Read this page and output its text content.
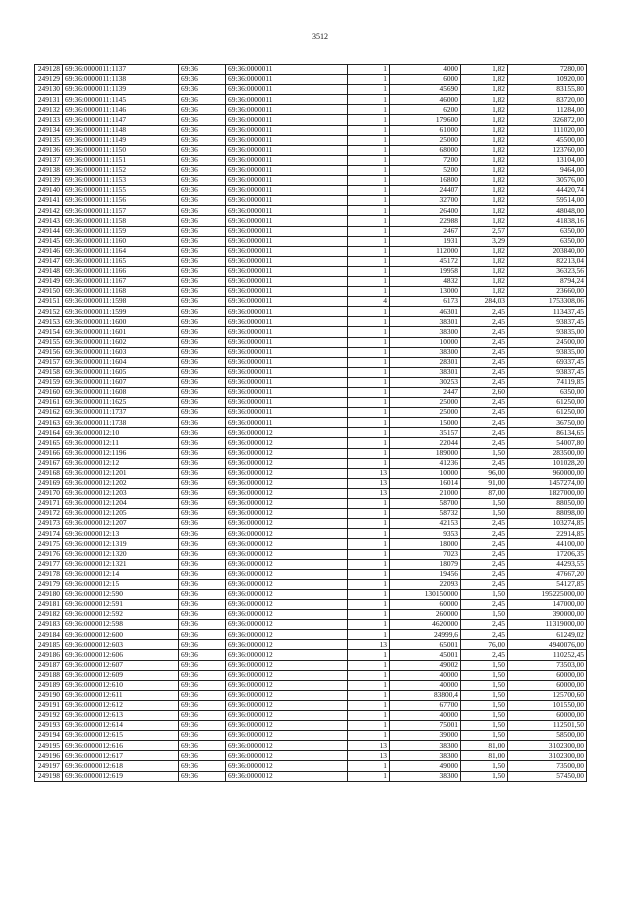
3512
249128	69:36:0000011:1137	69:36	69:36:0000011	1	4000	1,82	7280,00
249129	69:36:0000011:1138	69:36	69:36:0000011	1	6000	1,82	10920,00
249130	69:36:0000011:1139	69:36	69:36:0000011	1	45690	1,82	83155,80
249131	69:36:0000011:1145	69:36	69:36:0000011	1	46000	1,82	83720,00
249132	69:36:0000011:1146	69:36	69:36:0000011	1	6200	1,82	11284,00
249133	69:36:0000011:1147	69:36	69:36:0000011	1	179600	1,82	326872,00
249134	69:36:0000011:1148	69:36	69:36:0000011	1	61000	1,82	111020,00
249135	69:36:0000011:1149	69:36	69:36:0000011	1	25000	1,82	45500,00
249136	69:36:0000011:1150	69:36	69:36:0000011	1	68000	1,82	123760,00
249137	69:36:0000011:1151	69:36	69:36:0000011	1	7200	1,82	13104,00
249138	69:36:0000011:1152	69:36	69:36:0000011	1	5200	1,82	9464,00
249139	69:36:0000011:1153	69:36	69:36:0000011	1	16800	1,82	30576,00
249140	69:36:0000011:1155	69:36	69:36:0000011	1	24407	1,82	44420,74
249141	69:36:0000011:1156	69:36	69:36:0000011	1	32700	1,82	59514,00
249142	69:36:0000011:1157	69:36	69:36:0000011	1	26400	1,82	48048,00
249143	69:36:0000011:1158	69:36	69:36:0000011	1	22988	1,82	41838,16
249144	69:36:0000011:1159	69:36	69:36:0000011	1	2467	2,57	6350,00
249145	69:36:0000011:1160	69:36	69:36:0000011	1	1931	3,29	6350,00
249146	69:36:0000011:1164	69:36	69:36:0000011	1	112000	1,82	203840,00
249147	69:36:0000011:1165	69:36	69:36:0000011	1	45172	1,82	82213,04
249148	69:36:0000011:1166	69:36	69:36:0000011	1	19958	1,82	36323,56
249149	69:36:0000011:1167	69:36	69:36:0000011	1	4832	1,82	8794,24
249150	69:36:0000011:1168	69:36	69:36:0000011	1	13000	1,82	23660,00
249151	69:36:0000011:1598	69:36	69:36:0000011	4	6173	284,03	1753308,06
249152	69:36:0000011:1599	69:36	69:36:0000011	1	46301	2,45	113437,45
249153	69:36:0000011:1600	69:36	69:36:0000011	1	38301	2,45	93837,45
249154	69:36:0000011:1601	69:36	69:36:0000011	1	38300	2,45	93835,00
249155	69:36:0000011:1602	69:36	69:36:0000011	1	10000	2,45	24500,00
249156	69:36:0000011:1603	69:36	69:36:0000011	1	38300	2,45	93835,00
249157	69:36:0000011:1604	69:36	69:36:0000011	1	28301	2,45	69337,45
249158	69:36:0000011:1605	69:36	69:36:0000011	1	38301	2,45	93837,45
249159	69:36:0000011:1607	69:36	69:36:0000011	1	30253	2,45	74119,85
249160	69:36:0000011:1608	69:36	69:36:0000011	1	2447	2,60	6350,00
249161	69:36:0000011:1625	69:36	69:36:0000011	1	25000	2,45	61250,00
249162	69:36:0000011:1737	69:36	69:36:0000011	1	25000	2,45	61250,00
249163	69:36:0000011:1738	69:36	69:36:0000011	1	15000	2,45	36750,00
249164	69:36:0000012:10	69:36	69:36:0000012	1	35157	2,45	86134,65
249165	69:36:0000012:11	69:36	69:36:0000012	1	22044	2,45	54007,80
249166	69:36:0000012:1196	69:36	69:36:0000012	1	189000	1,50	283500,00
249167	69:36:0000012:12	69:36	69:36:0000012	1	41236	2,45	101028,20
249168	69:36:0000012:1201	69:36	69:36:0000012	13	10000	96,00	960000,00
249169	69:36:0000012:1202	69:36	69:36:0000012	13	16014	91,00	1457274,00
249170	69:36:0000012:1203	69:36	69:36:0000012	13	21000	87,00	1827000,00
249171	69:36:0000012:1204	69:36	69:36:0000012	1	58700	1,50	88050,00
249172	69:36:0000012:1205	69:36	69:36:0000012	1	58732	1,50	88098,00
249173	69:36:0000012:1207	69:36	69:36:0000012	1	42153	2,45	103274,85
249174	69:36:0000012:13	69:36	69:36:0000012	1	9353	2,45	22914,85
249175	69:36:0000012:1319	69:36	69:36:0000012	1	18000	2,45	44100,00
249176	69:36:0000012:1320	69:36	69:36:0000012	1	7023	2,45	17206,35
249177	69:36:0000012:1321	69:36	69:36:0000012	1	18079	2,45	44293,55
249178	69:36:0000012:14	69:36	69:36:0000012	1	19456	2,45	47667,20
249179	69:36:0000012:15	69:36	69:36:0000012	1	22093	2,45	54127,85
249180	69:36:0000012:590	69:36	69:36:0000012	1	130150000	1,50	195225000,00
249181	69:36:0000012:591	69:36	69:36:0000012	1	60000	2,45	147000,00
249182	69:36:0000012:592	69:36	69:36:0000012	1	260000	1,50	390000,00
249183	69:36:0000012:598	69:36	69:36:0000012	1	4620000	2,45	11319000,00
249184	69:36:0000012:600	69:36	69:36:0000012	1	24999,6	2,45	61249,02
249185	69:36:0000012:603	69:36	69:36:0000012	13	65001	76,00	4940076,00
249186	69:36:0000012:606	69:36	69:36:0000012	1	45001	2,45	110252,45
249187	69:36:0000012:607	69:36	69:36:0000012	1	49002	1,50	73503,00
249188	69:36:0000012:609	69:36	69:36:0000012	1	40000	1,50	60000,00
249189	69:36:0000012:610	69:36	69:36:0000012	1	40000	1,50	60000,00
249190	69:36:0000012:611	69:36	69:36:0000012	1	83800,4	1,50	125700,60
249191	69:36:0000012:612	69:36	69:36:0000012	1	67700	1,50	101550,00
249192	69:36:0000012:613	69:36	69:36:0000012	1	40000	1,50	60000,00
249193	69:36:0000012:614	69:36	69:36:0000012	1	75001	1,50	112501,50
249194	69:36:0000012:615	69:36	69:36:0000012	1	39000	1,50	58500,00
249195	69:36:0000012:616	69:36	69:36:0000012	13	38300	81,00	3102300,00
249196	69:36:0000012:617	69:36	69:36:0000012	13	38300	81,00	3102300,00
249197	69:36:0000012:618	69:36	69:36:0000012	1	49000	1,50	73500,00
249198	69:36:0000012:619	69:36	69:36:0000012	1	38300	1,50	57450,00
